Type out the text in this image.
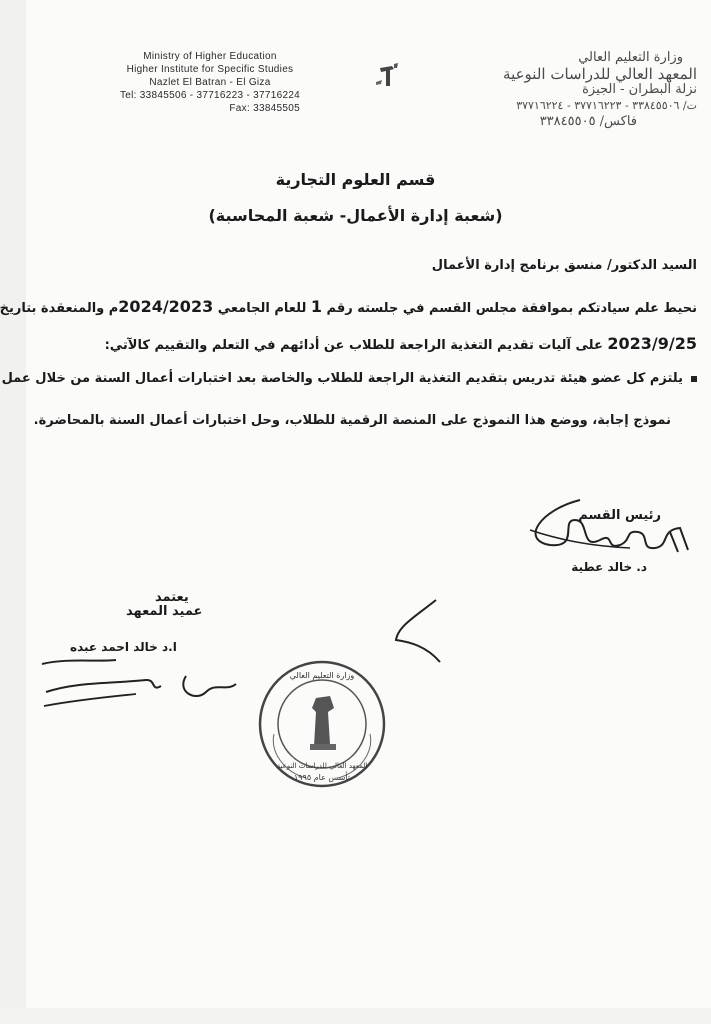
Ministry of Higher Education
Higher Institute for Specific Studies
Nazlet El Batran - El Giza
Tel: 33845506 - 37716223 - 37716224
Fax: 33845505
وزارة التعليم العالي
المعهد العالي للدراسات النوعية
نزلة البطران - الجيزة
ت/ ٣٣٨٤٥٥٠٦ - ٣٧٧١٦٢٢٣ - ٣٧٧١٦٢٢٤
فاكس/ ٣٣٨٤٥٥٠٥
قسم العلوم التجارية
(شعبة إدارة الأعمال- شعبة المحاسبة)
السيد الدكتور/ منسق برنامج إدارة الأعمال
نحيط علم سيادتكم بموافقة مجلس القسم في جلسته رقم 1 للعام الجامعي 2024/2023م والمنعقدة بتاريخ
2023/9/25 على آليات تقديم التغذية الراجعة للطلاب عن أدائهم في التعلم والتقييم كالآتي:
يلتزم كل عضو هيئة تدريس بتقديم التغذية الراجعة للطلاب والخاصة بعد اختبارات أعمال السنة من خلال عمل
نموذج إجابة، ووضع هذا النموذج على المنصة الرقمية للطلاب، وحل اختبارات أعمال السنة بالمحاضرة.
رئيس القسم
د. خالد عطية
يعتمد
عميد المعهد
ا.د خالد احمد عبده
وزارة التعليم العالي
المعهد العالي للدراسات النوعية
تأسس عام ١٩٩٥
